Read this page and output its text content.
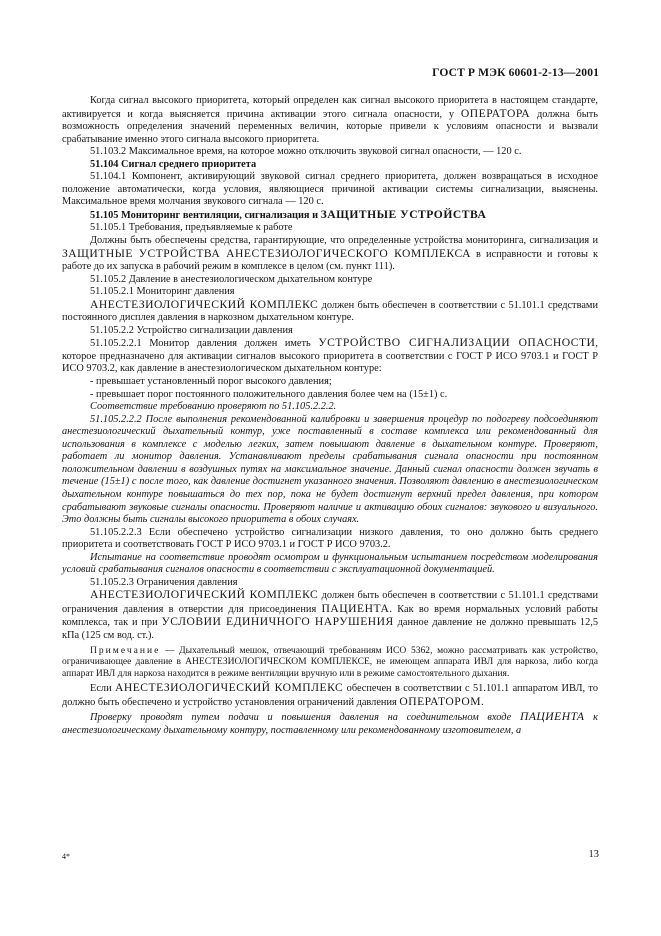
ГОСТ Р МЭК 60601-2-13—2001

Когда сигнал высокого приоритета, который определен как сигнал высокого приоритета в настоящем стандарте, активируется и когда выясняется причина активации этого сигнала опасности, у ОПЕРАТОРА должна быть возможность определения значений переменных величин, которые привели к условиям опасности и вызвали срабатывание именно этого сигнала высокого приоритета.

51.103.2 Максимальное время, на которое можно отключить звуковой сигнал опасности, — 120 с.

51.104 Сигнал среднего приоритета

51.104.1 Компонент, активирующий звуковой сигнал среднего приоритета, должен возвращаться в исходное положение автоматически, когда условия, являющиеся причиной активации системы сигнализации, выяснены. Максимальное время молчания звукового сигнала — 120 с.

51.105 Мониторинг вентиляции, сигнализация и ЗАЩИТНЫЕ УСТРОЙСТВА

51.105.1 Требования, предъявляемые к работе

Должны быть обеспечены средства, гарантирующие, что определенные устройства мониторинга, сигнализация и ЗАЩИТНЫЕ УСТРОЙСТВА АНЕСТЕЗИОЛОГИЧЕСКОГО КОМПЛЕКСА в исправности и готовы к работе до их запуска в рабочий режим в комплексе в целом (см. пункт 111).

51.105.2 Давление в анестезиологическом дыхательном контуре

51.105.2.1 Мониторинг давления

АНЕСТЕЗИОЛОГИЧЕСКИЙ КОМПЛЕКС должен быть обеспечен в соответствии с 51.101.1 средствами постоянного дисплея давления в наркозном дыхательном контуре.

51.105.2.2 Устройство сигнализации давления

51.105.2.2.1 Монитор давления должен иметь УСТРОЙСТВО СИГНАЛИЗАЦИИ ОПАСНОСТИ, которое предназначено для активации сигналов высокого приоритета в соответствии с ГОСТ Р ИСО 9703.1 и ГОСТ Р ИСО 9703.2, как давление в анестезиологическом дыхательном контуре:

- превышает установленный порог высокого давления;

- превышает порог постоянного положительного давления более чем на (15±1) с.

Соответствие требованию проверяют по 51.105.2.2.2.

51.105.2.2.2 После выполнения рекомендованной калибровки и завершения процедур по подогреву подсоединяют анестезиологический дыхательный контур, уже поставленный в составе комплекса или рекомендованный для использования в комплексе с моделью легких, затем повышают давление в дыхательном контуре. Проверяют, работает ли монитор давления. Устанавливают пределы срабатывания сигнала опасности при постоянном положительном давлении в воздушных путях на максимальное значение. Данный сигнал опасности должен звучать в течение (15±1) с после того, как давление достигнет указанного значения. Позволяют давлению в анестезиологическом дыхательном контуре повышаться до тех пор, пока не будет достигнут верхний предел давления, при котором срабатывают звуковые сигналы опасности. Проверяют наличие и активацию обоих сигналов: звукового и визуального. Это должны быть сигналы высокого приоритета в обоих случаях.

51.105.2.2.3 Если обеспечено устройство сигнализации низкого давления, то оно должно быть среднего приоритета и соответствовать ГОСТ Р ИСО 9703.1 и ГОСТ Р ИСО 9703.2.

Испытание на соответствие проводят осмотром и функциональным испытанием посредством моделирования условий срабатывания сигналов опасности в соответствии с эксплуатационной документацией.

51.105.2.3 Ограничения давления

АНЕСТЕЗИОЛОГИЧЕСКИЙ КОМПЛЕКС должен быть обеспечен в соответствии с 51.101.1 средствами ограничения давления в отверстии для присоединения ПАЦИЕНТА. Как во время нормальных условий работы комплекса, так и при УСЛОВИИ ЕДИНИЧНОГО НАРУШЕНИЯ данное давление не должно превышать 12,5 кПа (125 см вод. ст.).

Примечание — Дыхательный мешок, отвечающий требованиям ИСО 5362, можно рассматривать как устройство, ограничивающее давление в АНЕСТЕЗИОЛОГИЧЕСКОМ КОМПЛЕКСЕ, не имеющем аппарата ИВЛ для наркоза, либо когда аппарат ИВЛ для наркоза находится в режиме вентиляции вручную или в режиме самостоятельного дыхания.

Если АНЕСТЕЗИОЛОГИЧЕСКИЙ КОМПЛЕКС обеспечен в соответствии с 51.101.1 аппаратом ИВЛ, то должно быть обеспечено и устройство установления ограничений давления ОПЕРАТОРОМ.

Проверку проводят путем подачи и повышения давления на соединительном входе ПАЦИЕНТА к анестезиологическому дыхательному контуру, поставленному или рекомендованному изготовителем, а

4*	13
